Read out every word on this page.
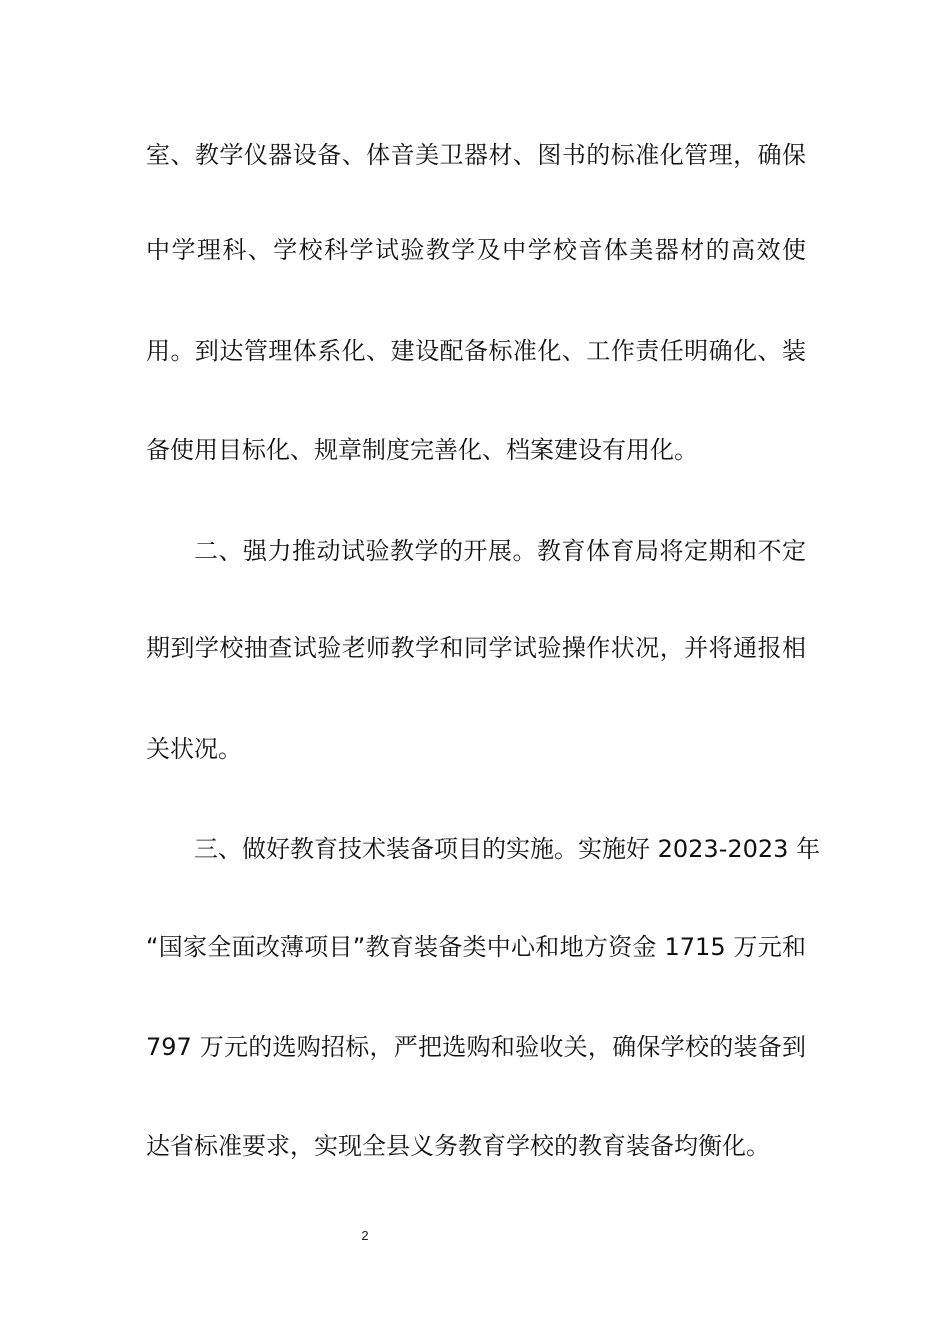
室、教学仪器设备、体音美卫器材、图书的标准化管理，确保
中学理科、学校科学试验教学及中学校音体美器材的高效使
用。到达管理体系化、建设配备标准化、工作责任明确化、装
备使用目标化、规章制度完善化、档案建设有用化。
二、强力推动试验教学的开展。教育体育局将定期和不定
期到学校抽查试验老师教学和同学试验操作状况，并将通报相
关状况。
三、做好教育技术装备项目的实施。实施好 2023-2023 年
“国家全面改薄项目”教育装备类中心和地方资金 1715 万元和
797 万元的选购招标，严把选购和验收关，确保学校的装备到
达省标准要求，实现全县义务教育学校的教育装备均衡化。
2
